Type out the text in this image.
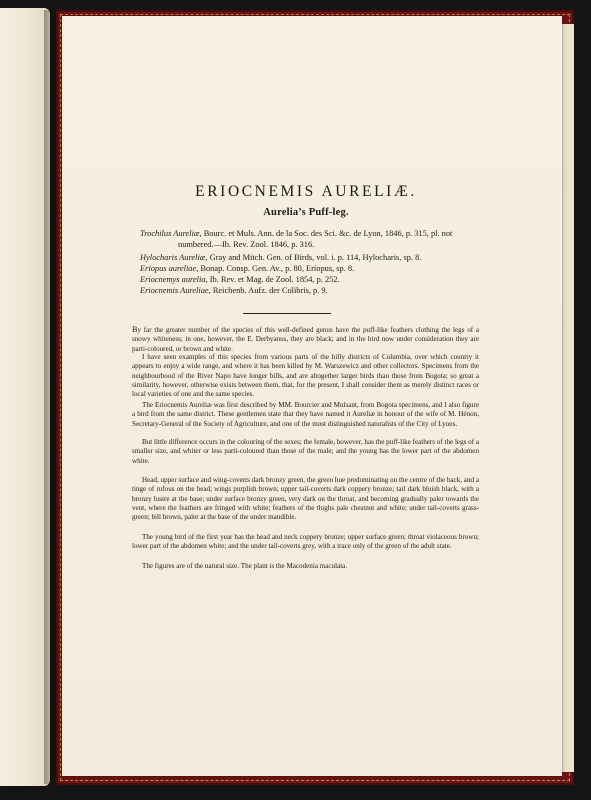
ERIOCNEMIS AURELIÆ.
Aurelia’s Puff-leg.
Trochilus Aureliæ, Bourc. et Muls. Ann. de la Soc. des Sci. &c. de Lyon, 1846, p. 315, pl. not
numbered.—Ib. Rev. Zool. 1846, p. 316.
Hylocharis Aureliæ, Gray and Mitch. Gen. of Birds, vol. i. p. 114, Hylocharis, sp. 8.
Eriopus aureliae, Bonap. Consp. Gen. Av., p. 80, Eriopus, sp. 8.
Eriocnemys aurelia, Ib. Rev. et Mag. de Zool. 1854, p. 252.
Eriocnemis Aureliae, Reichenb. Aufz. der Colibris, p. 9.

By far the greater number of the species of this well-defined genus have the puff-like feathers clothing the legs of a snowy whiteness; in one, however, the E. Derbyanus, they are black; and in the bird now under consideration they are parti-coloured, or brown and white.

I have seen examples of this species from various parts of the hilly districts of Columbia, over which country it appears to enjoy a wide range, and where it has been killed by M. Warszewicz and other collectors. Specimens from the neighbourhood of the River Napo have longer bills, and are altogether larger birds than those from Bogota; so great a similarity, however, otherwise exists between them, that, for the present, I shall consider them as merely distinct races or local varieties of one and the same species.

The Eriocnemis Aureliæ was first described by MM. Bourcier and Mulsant, from Bogota specimens, and I also figure a bird from the same district. These gentlemen state that they have named it Aureliæ in honour of the wife of M. Hénon, Secretary-General of the Society of Agriculture, and one of the most distinguished naturalists of the City of Lyons.

But little difference occurs in the colouring of the sexes; the female, however, has the puff-like feathers of the legs of a smaller size, and whiter or less parti-coloured than those of the male; and the young has the lower part of the abdomen white.

Head, upper surface and wing-coverts dark bronzy green, the green hue predominating on the centre of the back, and a tinge of rufous on the head; wings purplish brown; upper tail-coverts dark coppery bronze; tail dark bluish black, with a bronzy lustre at the base; under surface bronzy green, very dark on the throat, and becoming gradually paler towards the vent, where the feathers are fringed with white; feathers of the thighs pale chestnut and white; under tail-coverts grass-green; bill brown, paler at the base of the under mandible.

The young bird of the first year has the head and neck coppery bronze; upper surface green; throat violaceous brown; lower part of the abdomen white; and the under tail-coverts grey, with a trace only of the green of the adult state.

The figures are of the natural size. The plant is the Macodenia maculata.
